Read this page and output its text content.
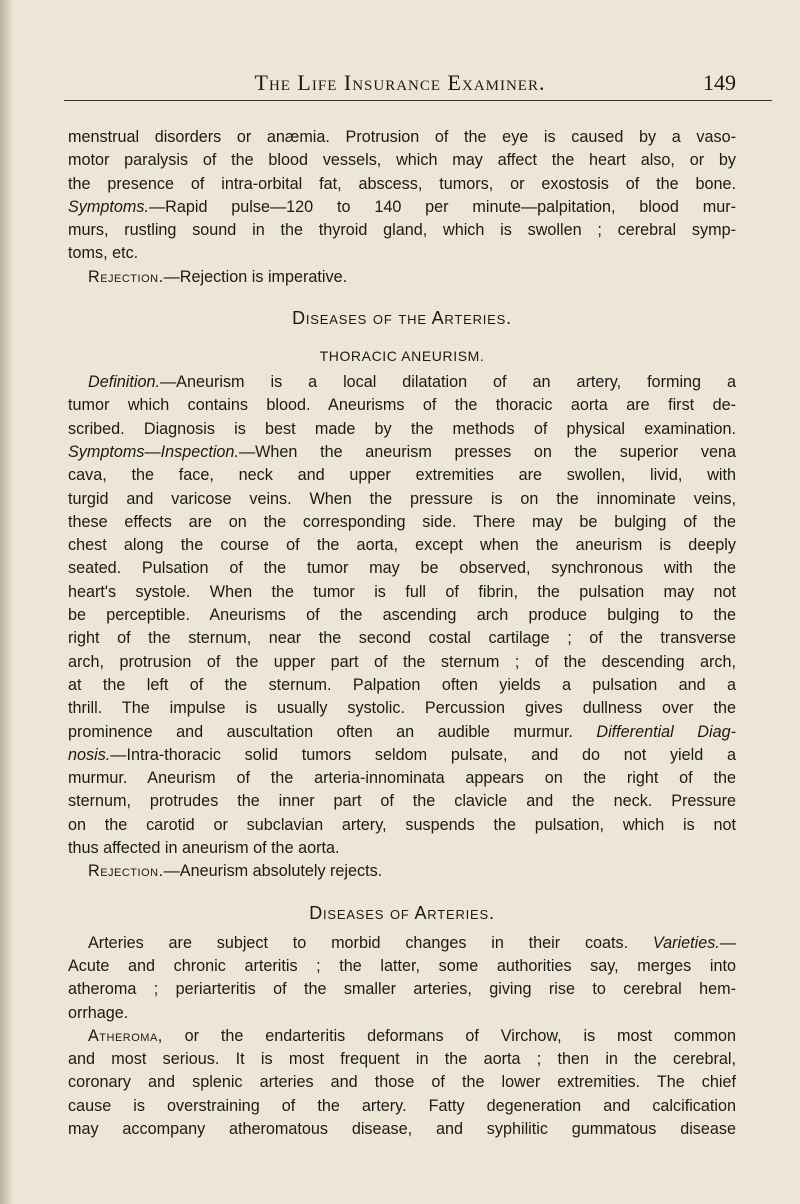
The Life Insurance Examiner.	149
menstrual disorders or anæmia. Protrusion of the eye is caused by a vaso-
motor paralysis of the blood vessels, which may affect the heart also, or by
the presence of intra-orbital fat, abscess, tumors, or exostosis of the bone.
Symptoms.—Rapid pulse—120 to 140 per minute—palpitation, blood mur-
murs, rustling sound in the thyroid gland, which is swollen ; cerebral symp-
toms, etc.
Rejection.—Rejection is imperative.
Diseases of the Arteries.
THORACIC ANEURISM.
Definition.—Aneurism is a local dilatation of an artery, forming a
tumor which contains blood. Aneurisms of the thoracic aorta are first de-
scribed. Diagnosis is best made by the methods of physical examination.
Symptoms—Inspection.—When the aneurism presses on the superior vena
cava, the face, neck and upper extremities are swollen, livid, with
turgid and varicose veins. When the pressure is on the innominate veins,
these effects are on the corresponding side. There may be bulging of the
chest along the course of the aorta, except when the aneurism is deeply
seated. Pulsation of the tumor may be observed, synchronous with the
heart's systole. When the tumor is full of fibrin, the pulsation may not
be perceptible. Aneurisms of the ascending arch produce bulging to the
right of the sternum, near the second costal cartilage ; of the transverse
arch, protrusion of the upper part of the sternum ; of the descending arch,
at the left of the sternum. Palpation often yields a pulsation and a
thrill. The impulse is usually systolic. Percussion gives dullness over the
prominence and auscultation often an audible murmur. Differential Diag-
nosis.—Intra-thoracic solid tumors seldom pulsate, and do not yield a
murmur. Aneurism of the arteria-innominata appears on the right of the
sternum, protrudes the inner part of the clavicle and the neck. Pressure
on the carotid or subclavian artery, suspends the pulsation, which is not
thus affected in aneurism of the aorta.
Rejection.—Aneurism absolutely rejects.
Diseases of Arteries.
Arteries are subject to morbid changes in their coats. Varieties.—
Acute and chronic arteritis ; the latter, some authorities say, merges into
atheroma ; periarteritis of the smaller arteries, giving rise to cerebral hem-
orrhage.
Atheroma, or the endarteritis deformans of Virchow, is most common
and most serious. It is most frequent in the aorta ; then in the cerebral,
coronary and splenic arteries and those of the lower extremities. The chief
cause is overstraining of the artery. Fatty degeneration and calcification
may accompany atheromatous disease, and syphilitic gummatous disease
